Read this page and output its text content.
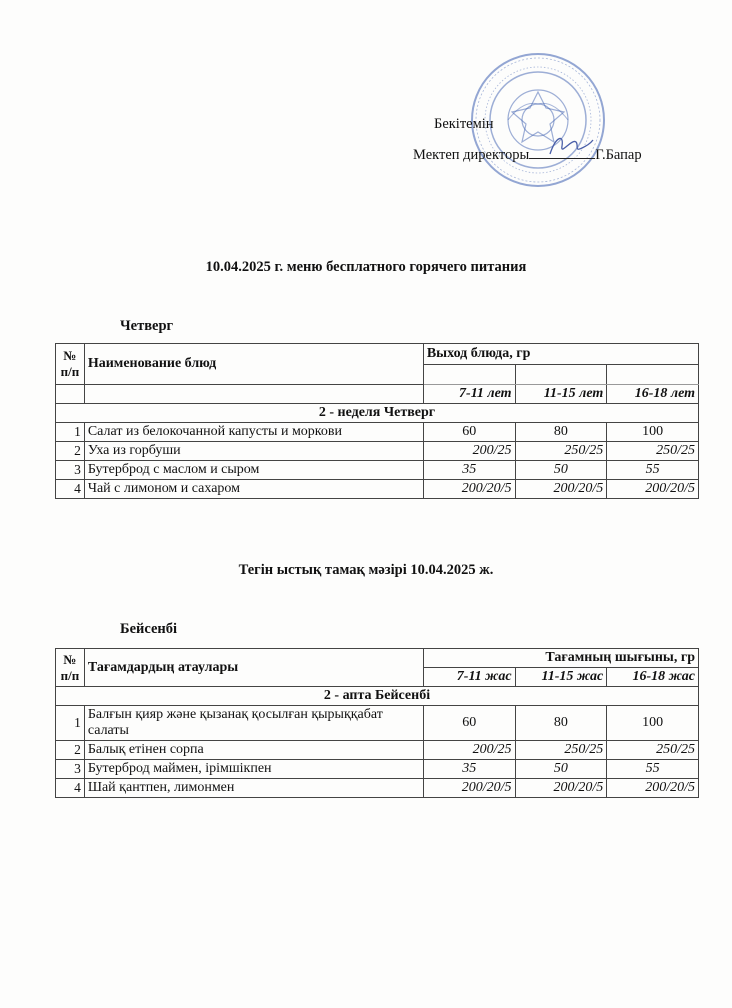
Бекітемін
Мектеп директоры	Г.Бапар
10.04.2025 г. меню бесплатного горячего питания
Четверг
№ п/п	Наименование блюд	Выход блюда, гр		

		7-11 лет	11-15 лет	16-18 лет
2 - неделя Четверг				
1	Салат из белокочанной капусты и моркови	60	80	100
2	Уха из горбуши	200/25	250/25	250/25
3	Бутерброд с маслом и сыром	35	50	55
4	Чай с лимоном и сахаром	200/20/5	200/20/5	200/20/5
Тегін ыстық тамақ мәзірі 10.04.2025 ж.
Бейсенбі
№ п/п	Тағамдардың атаулары	Тағамның шығыны, гр		
		7-11 жас	11-15 жас	16-18 жас
2 - апта Бейсенбі				
1	Балғын қияр және қызанақ қосылған қырыққабат салаты	60	80	100
2	Балық етінен сорпа	200/25	250/25	250/25
3	Бутерброд маймен, ірімшікпен	35	50	55
4	Шай қантпен, лимонмен	200/20/5	200/20/5	200/20/5
